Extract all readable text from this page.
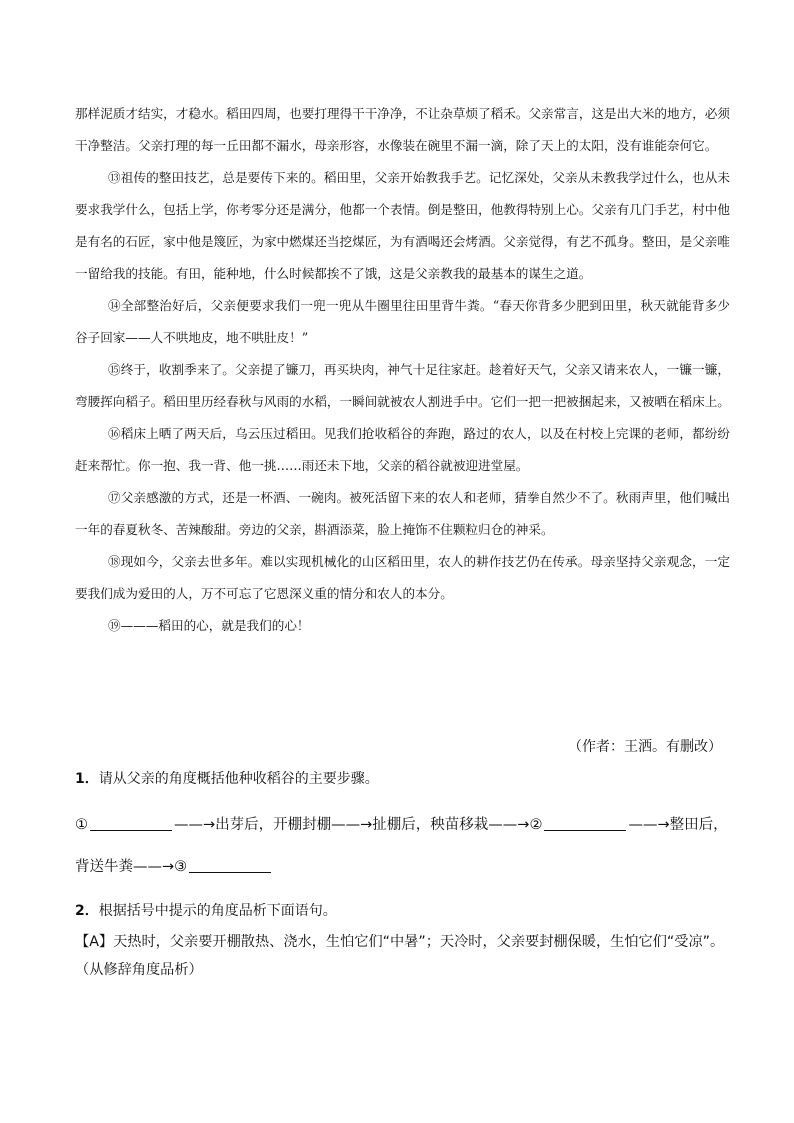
那样泥质才结实，才稳水。稻田四周，也要打理得干干净净，不让杂草烦了稻禾。父亲常言，这是出大米的地方，必须干净整洁。父亲打理的每一丘田都不漏水，母亲形容，水像装在碗里不漏一滴，除了天上的太阳，没有谁能奈何它。

⑬祖传的整田技艺，总是要传下来的。稻田里，父亲开始教我手艺。记忆深处，父亲从未教我学过什么，也从未要求我学什么，包括上学，你考零分还是满分，他都一个表情。倒是整田，他教得特别上心。父亲有几门手艺，村中他是有名的石匠，家中他是篾匠，为家中燃煤还当挖煤匠，为有酒喝还会烤酒。父亲觉得，有艺不孤身。整田，是父亲唯一留给我的技能。有田，能种地，什么时候都挨不了饿，这是父亲教我的最基本的谋生之道。

⑭全部整治好后，父亲便要求我们一兜一兜从牛圈里往田里背牛粪。“春天你背多少肥到田里，秋天就能背多少谷子回家——人不哄地皮，地不哄肚皮！”

⑮终于，收割季来了。父亲提了镰刀，再买块肉，神气十足往家赶。趁着好天气，父亲又请来农人，一镰一镰，弯腰挥向稻子。稻田里历经春秋与风雨的水稻，一瞬间就被农人割进手中。它们一把一把被捆起来，又被晒在稻床上。

⑯稻床上晒了两天后，乌云压过稻田。见我们抢收稻谷的奔跑，路过的农人，以及在村校上完课的老师，都纷纷赶来帮忙。你一抱、我一背、他一挑……雨还未下地，父亲的稻谷就被迎进堂屋。

⑰父亲感激的方式，还是一杯酒、一碗肉。被死活留下来的农人和老师，猜拳自然少不了。秋雨声里，他们喊出一年的春夏秋冬、苦辣酸甜。旁边的父亲，斟酒添菜，脸上掩饰不住颗粒归仓的神采。

⑱现如今，父亲去世多年。难以实现机械化的山区稻田里，农人的耕作技艺仍在传承。母亲坚持父亲观念，一定要我们成为爱田的人，万不可忘了它恩深义重的情分和农人的本分。

⑲———稻田的心，就是我们的心！

（作者：王洒。有删改）

1．请从父亲的角度概括他种收稻谷的主要步骤。

①	——→出芽后，开棚封棚——→扯棚后，秧苗移栽——→②	——→整田后，背送牛粪——→③

2．根据括号中提示的角度品析下面语句。

【A】天热时，父亲要开棚散热、浇水，生怕它们“中暑”；天冷时，父亲要封棚保暖，生怕它们“受凉”。（从修辞角度品析）
